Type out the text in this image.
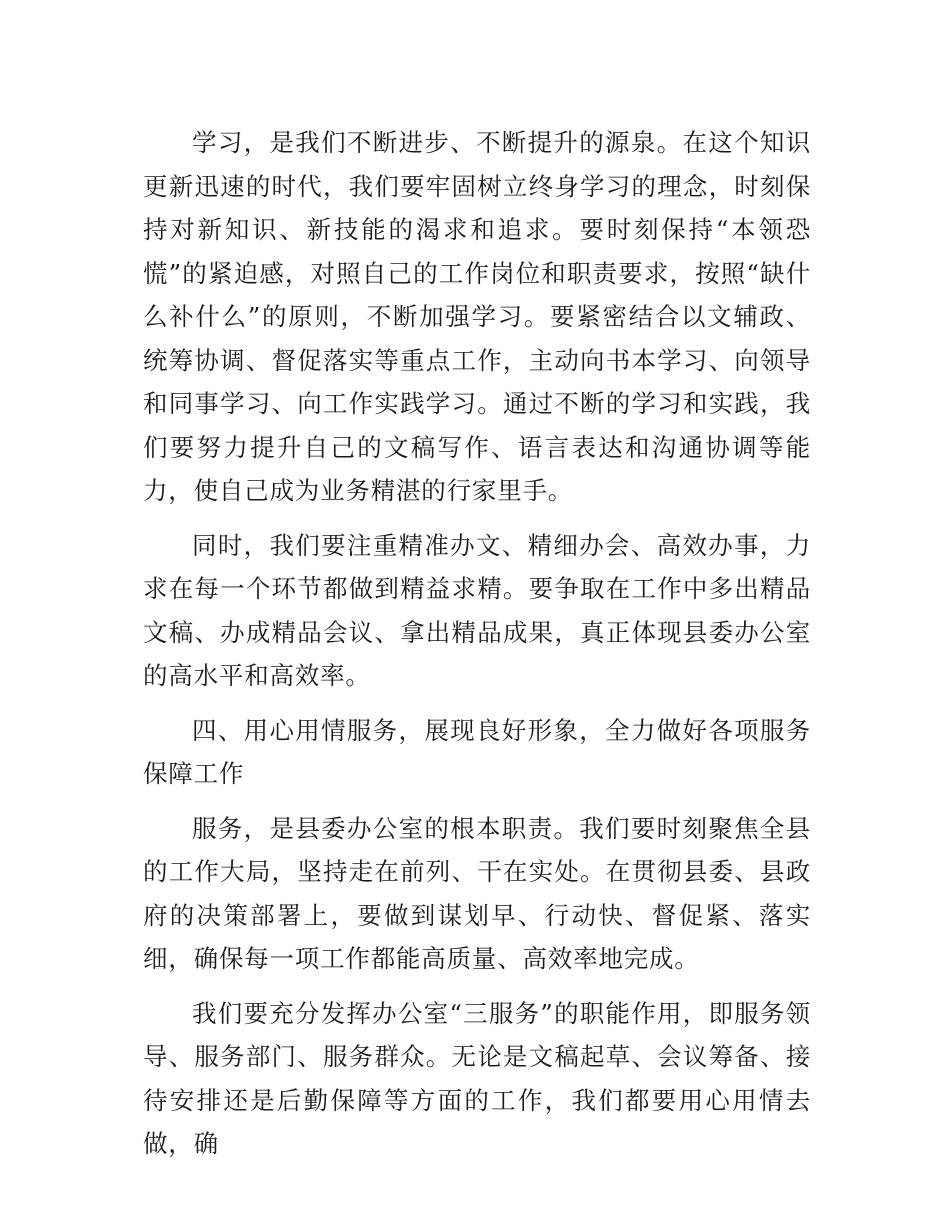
学习，是我们不断进步、不断提升的源泉。在这个知识更新迅速的时代，我们要牢固树立终身学习的理念，时刻保持对新知识、新技能的渴求和追求。要时刻保持“本领恐慌”的紧迫感，对照自己的工作岗位和职责要求，按照“缺什么补什么”的原则，不断加强学习。要紧密结合以文辅政、统筹协调、督促落实等重点工作，主动向书本学习、向领导和同事学习、向工作实践学习。通过不断的学习和实践，我们要努力提升自己的文稿写作、语言表达和沟通协调等能力，使自己成为业务精湛的行家里手。

同时，我们要注重精准办文、精细办会、高效办事，力求在每一个环节都做到精益求精。要争取在工作中多出精品文稿、办成精品会议、拿出精品成果，真正体现县委办公室的高水平和高效率。

四、用心用情服务，展现良好形象，全力做好各项服务保障工作

服务，是县委办公室的根本职责。我们要时刻聚焦全县的工作大局，坚持走在前列、干在实处。在贯彻县委、县政府的决策部署上，要做到谋划早、行动快、督促紧、落实细，确保每一项工作都能高质量、高效率地完成。

我们要充分发挥办公室“三服务”的职能作用，即服务领导、服务部门、服务群众。无论是文稿起草、会议筹备、接待安排还是后勤保障等方面的工作，我们都要用心用情去做，确
